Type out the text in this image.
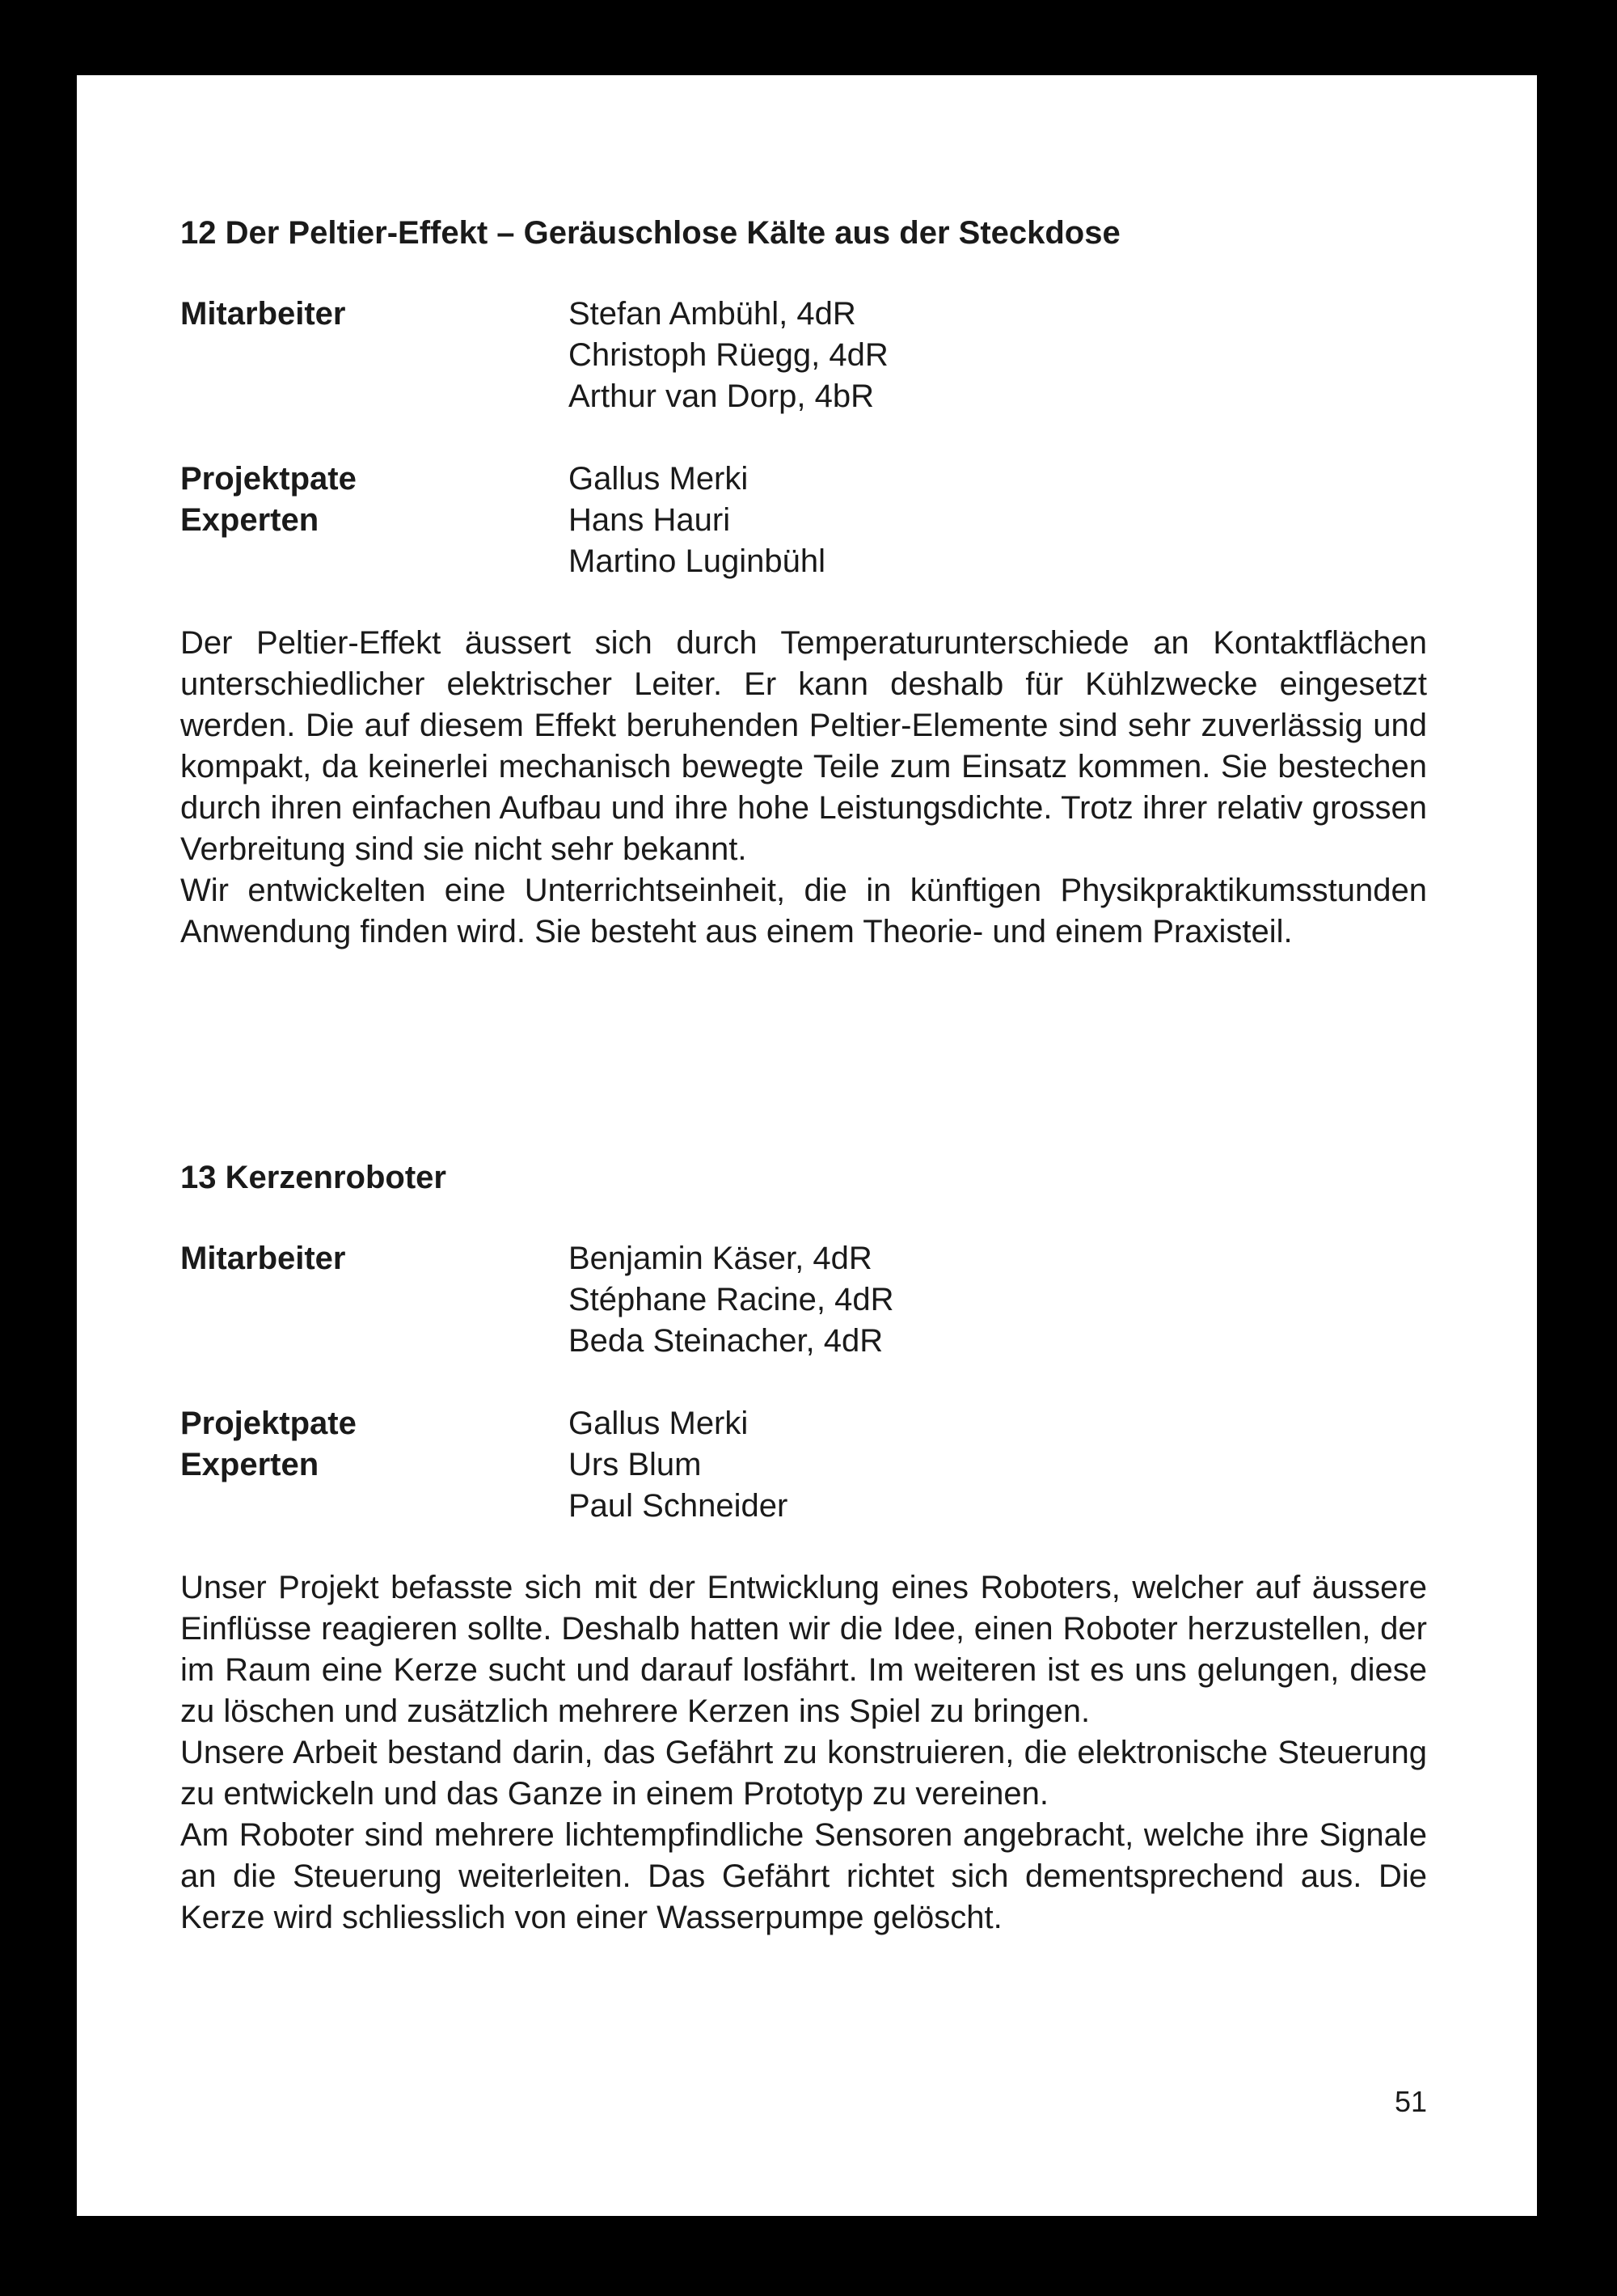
12 Der Peltier-Effekt – Geräuschlose Kälte aus der Steckdose
Mitarbeiter	Stefan Ambühl, 4dR
Christoph Rüegg, 4dR
Arthur van Dorp, 4bR
Projektpate
Experten
Gallus Merki
Hans Hauri
Martino Luginbühl

Der Peltier-Effekt äussert sich durch Temperaturunterschiede an Kontaktflächen unterschiedlicher elektrischer Leiter. Er kann deshalb für Kühlzwecke eingesetzt werden. Die auf diesem Effekt beruhenden Peltier-Elemente sind sehr zuverlässig und kompakt, da keinerlei mechanisch bewegte Teile zum Einsatz kommen. Sie bestechen durch ihren einfachen Aufbau und ihre hohe Leistungsdichte. Trotz ihrer relativ grossen Verbreitung sind sie nicht sehr bekannt.

Wir entwickelten eine Unterrichtseinheit, die in künftigen Physikpraktikumsstunden Anwendung finden wird. Sie besteht aus einem Theorie- und einem Praxisteil.

13 Kerzenroboter
Mitarbeiter	Benjamin Käser, 4dR
Stéphane Racine, 4dR
Beda Steinacher, 4dR
Projektpate
Experten
Gallus Merki
Urs Blum
Paul Schneider

Unser Projekt befasste sich mit der Entwicklung eines Roboters, welcher auf äussere Einflüsse reagieren sollte. Deshalb hatten wir die Idee, einen Roboter herzustellen, der im Raum eine Kerze sucht und darauf losfährt. Im weiteren ist es uns gelungen, diese zu löschen und zusätzlich mehrere Kerzen ins Spiel zu bringen.

Unsere Arbeit bestand darin, das Gefährt zu konstruieren, die elektronische Steuerung zu entwickeln und das Ganze in einem Prototyp zu vereinen.

Am Roboter sind mehrere lichtempfindliche Sensoren angebracht, welche ihre Signale an die Steuerung weiterleiten. Das Gefährt richtet sich dementsprechend aus. Die Kerze wird schliesslich von einer Wasserpumpe gelöscht.

51
